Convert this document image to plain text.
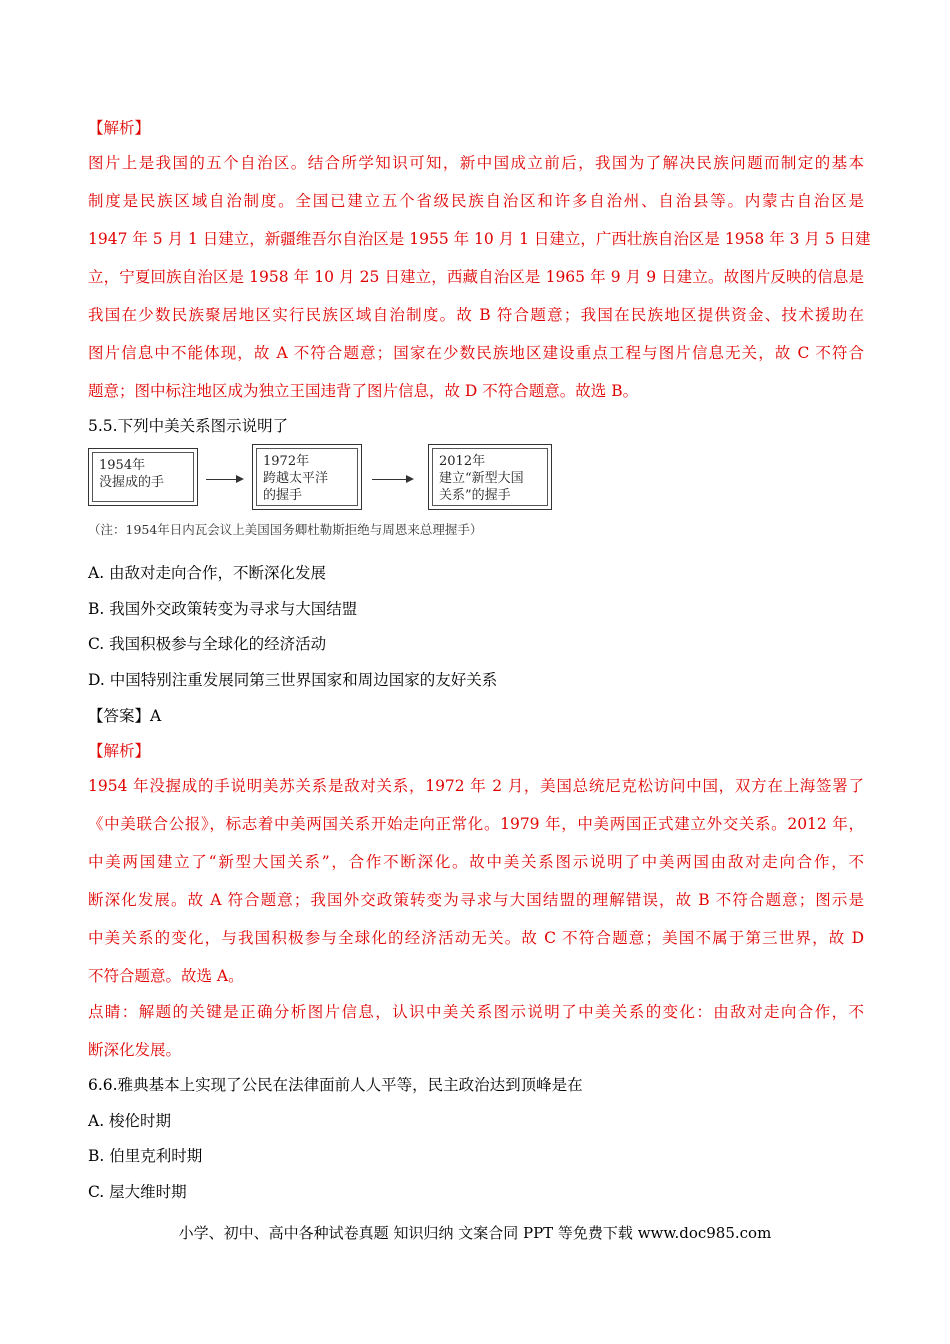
【解析】
图片上是我国的五个自治区。结合所学知识可知，新中国成立前后，我国为了解决民族问题而制定的基本
制度是民族区域自治制度。全国已建立五个省级民族自治区和许多自治州、自治县等。内蒙古自治区是
1947 年 5 月 1 日建立，新疆维吾尔自治区是 1955 年 10 月 1 日建立，广西壮族自治区是 1958 年 3 月 5 日建
立，宁夏回族自治区是 1958 年 10 月 25 日建立，西藏自治区是 1965 年 9 月 9 日建立。故图片反映的信息是
我国在少数民族聚居地区实行民族区域自治制度。故 B 符合题意；我国在民族地区提供资金、技术援助在
图片信息中不能体现，故 A 不符合题意；国家在少数民族地区建设重点工程与图片信息无关，故 C 不符合
题意；图中标注地区成为独立王国违背了图片信息，故 D 不符合题意。故选 B。
5.5.下列中美关系图示说明了
1954年
没握成的手
1972年
跨越太平洋
的握手
2012年
建立“新型大国
关系”的握手
（注：1954年日内瓦会议上美国国务卿杜勒斯拒绝与周恩来总理握手）
A. 由敌对走向合作，不断深化发展
B. 我国外交政策转变为寻求与大国结盟
C. 我国积极参与全球化的经济活动
D. 中国特别注重发展同第三世界国家和周边国家的友好关系
【答案】A
【解析】
1954 年没握成的手说明美苏关系是敌对关系，1972 年 2 月，美国总统尼克松访问中国，双方在上海签署了
《中美联合公报》，标志着中美两国关系开始走向正常化。1979 年，中美两国正式建立外交关系。2012 年，
中美两国建立了“新型大国关系”，合作不断深化。故中美关系图示说明了中美两国由敌对走向合作，不
断深化发展。故 A 符合题意；我国外交政策转变为寻求与大国结盟的理解错误，故 B 不符合题意；图示是
中美关系的变化，与我国积极参与全球化的经济活动无关。故 C 不符合题意；美国不属于第三世界，故 D
不符合题意。故选 A。
点睛：解题的关键是正确分析图片信息，认识中美关系图示说明了中美关系的变化：由敌对走向合作，不
断深化发展。
6.6.雅典基本上实现了公民在法律面前人人平等，民主政治达到顶峰是在
A. 梭伦时期
B. 伯里克利时期
C. 屋大维时期
小学、初中、高中各种试卷真题 知识归纳 文案合同 PPT 等免费下载 www.doc985.com
